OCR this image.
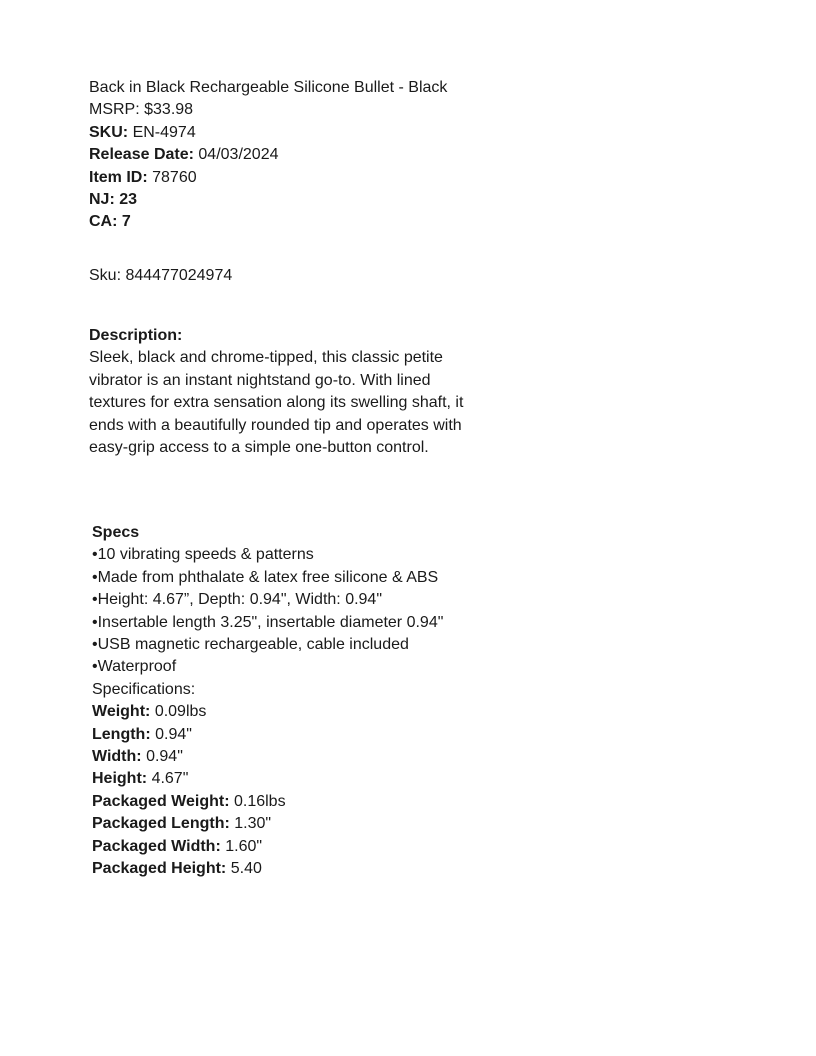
Back in Black Rechargeable Silicone Bullet - Black
MSRP: $33.98
SKU: EN-4974
Release Date: 04/03/2024
Item ID: 78760
NJ: 23
CA: 7
Sku: 844477024974
Description:
Sleek, black and chrome-tipped, this classic petite vibrator is an instant nightstand go-to. With lined textures for extra sensation along its swelling shaft, it ends with a beautifully rounded tip and operates with easy-grip access to a simple one-button control.
Specs
•10 vibrating speeds & patterns
•Made from phthalate & latex free silicone & ABS
•Height: 4.67”, Depth: 0.94", Width: 0.94"
•Insertable length 3.25", insertable diameter 0.94"
•USB magnetic rechargeable, cable included
•Waterproof
Specifications:
Weight: 0.09lbs
Length: 0.94"
Width: 0.94"
Height: 4.67"
Packaged Weight: 0.16lbs
Packaged Length: 1.30"
Packaged Width: 1.60"
Packaged Height: 5.40
